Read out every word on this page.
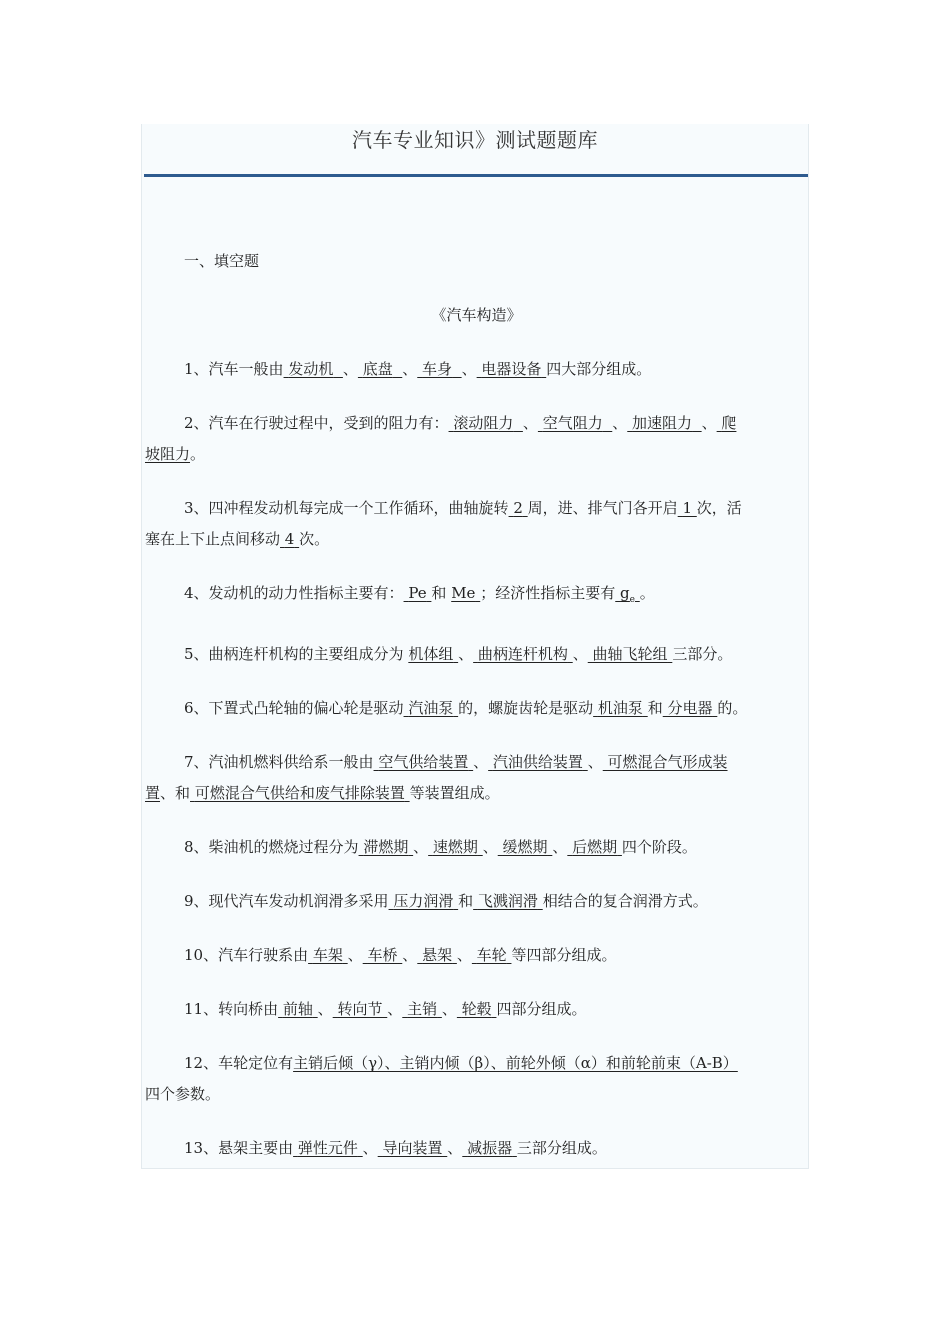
汽车专业知识》测试题题库
一、填空题
《汽车构造》

1、汽车一般由 发动机 、 底盘 、 车身 、 电器设备 四大部分组成。

2、汽车在行驶过程中，受到的阻力有： 滚动阻力 、 空气阻力 、 加速阻力 、 爬
坡阻力。

3、四冲程发动机每完成一个工作循环，曲轴旋转 2 周，进、排气门各开启 1 次，活
塞在上下止点间移动 4 次。

4、发动机的动力性指标主要有： Pe 和 Me ；经济性指标主要有 $g_e$ 。

5、曲柄连杆机构的主要组成分为 机体组 、 曲柄连杆机构 、 曲轴飞轮组 三部分。

6、下置式凸轮轴的偏心轮是驱动 汽油泵 的，螺旋齿轮是驱动 机油泵 和 分电器 的。

7、汽油机燃料供给系一般由 空气供给装置 、 汽油供给装置 、 可燃混合气形成装
置、和 可燃混合气供给和废气排除装置 等装置组成。

8、柴油机的燃烧过程分为 滞燃期 、 速燃期 、 缓燃期 、 后燃期 四个阶段。

9、现代汽车发动机润滑多采用 压力润滑 和 飞溅润滑 相结合的复合润滑方式。

10、汽车行驶系由 车架 、 车桥 、 悬架 、 车轮 等四部分组成。

11、转向桥由 前轴 、 转向节 、 主销 、 轮毂 四部分组成。

12、车轮定位有主销后倾（γ）、主销内倾（β）、前轮外倾（α）和前轮前束（A-B）
四个参数。

13、悬架主要由 弹性元件 、 导向装置 、 减振器 三部分组成。
